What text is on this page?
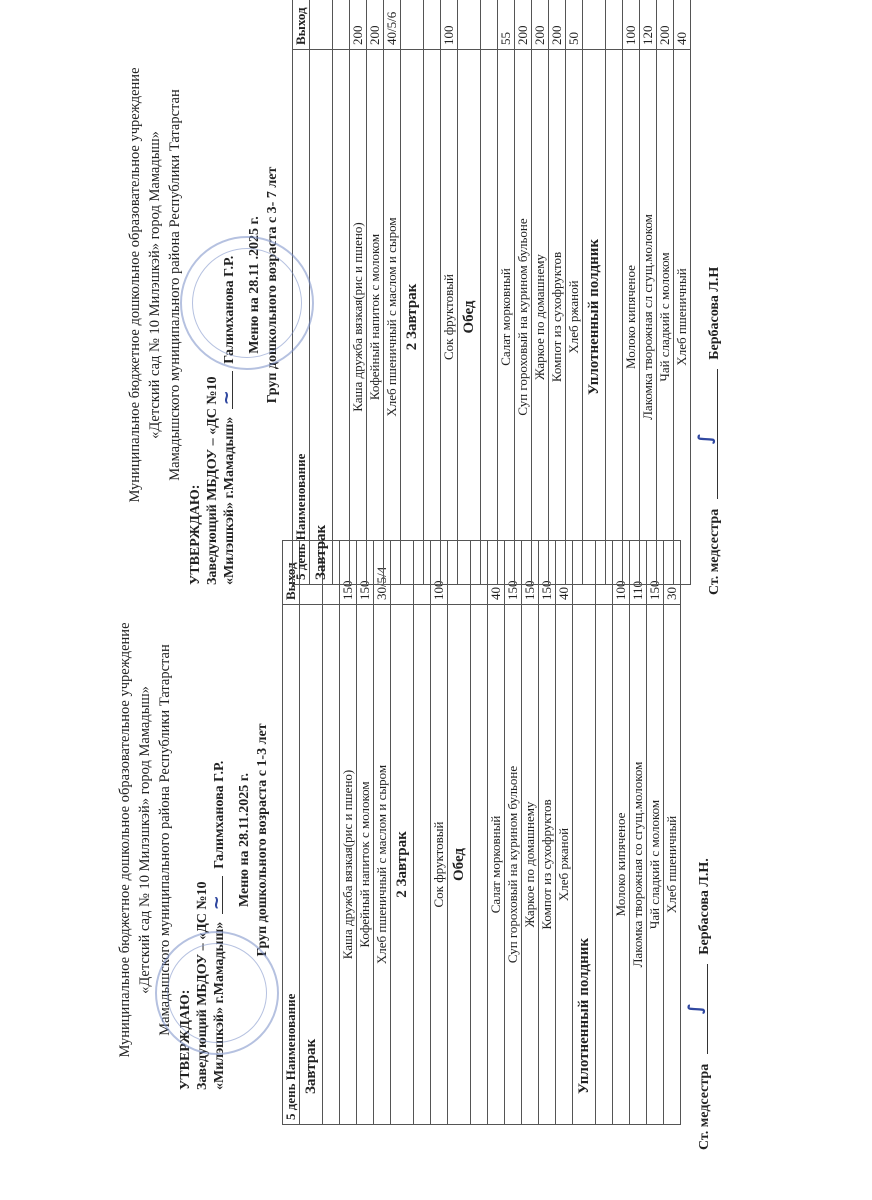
Муниципальное бюджетное дошкольное образовательное учреждение «Детский сад № 10 Милэшкэй» город Мамадыш» Мамадышского муниципального района Республики Татарстан
УТВЕРЖДАЮ: Заведующий МБДОУ – «ДС №10 «Милэшкэй» г.Мамадыш»
~
Галимханова Г.Р. Меню на 28.11.2025 г. Груп дошкольного возраста с 1-3 лет
5 день Наименование	Выход
Завтрак	

Каша дружба вязкая(рис и пшено)	150
Кофейный напиток с молоком	150
Хлеб пшеничный с маслом и сыром	30/5/4
2 Завтрак	

Сок фруктовый	100
Обед	

Салат морковный	40
Суп гороховый на курином бульоне	150
Жаркое по домашнему	150
Компот из сухофруктов	150
Хлеб ржаной	40
Уплотненный полдник	

Молоко кипяченое	100
Лакомка творожная со сгущ.молоком	110
Чай сладкий с молоком	150
Хлеб пшеничный	30
Ст. медсестра
∫
Бербасова Л.Н.
Муниципальное бюджетное дошкольное образовательное учреждение «Детский сад № 10 Милэшкэй» город Мамадыш» Мамадышского муниципального района Республики Татарстан
УТВЕРЖДАЮ: Заведующий МБДОУ – «ДС №10 «Милэшкэй» г.Мамадыш»
~
Галимханова Г.Р. Меню на 28.11 .2025 г. Груп дошкольного возраста с 3- 7 лет
5 день Наименование	Выход
Завтрак	

Каша дружба вязкая(рис и пшено)	200
Кофейный напиток с молоком	200
Хлеб пшеничный с маслом и сыром	40/5/6
2 Завтрак	

Сок фруктовый	100
Обед	

Салат морковный	55
Суп гороховый на курином бульоне	200
Жаркое по домашнему	200
Компот из сухофруктов	200
Хлеб ржаной	50
Уплотненный полдник	

Молоко кипяченое	100
Лакомка творожная сл сгущ.молоком	120
Чай сладкий с молоком	200
Хлеб пшеничный	40
Ст. медсестра
∫
Бербасова Л.Н
